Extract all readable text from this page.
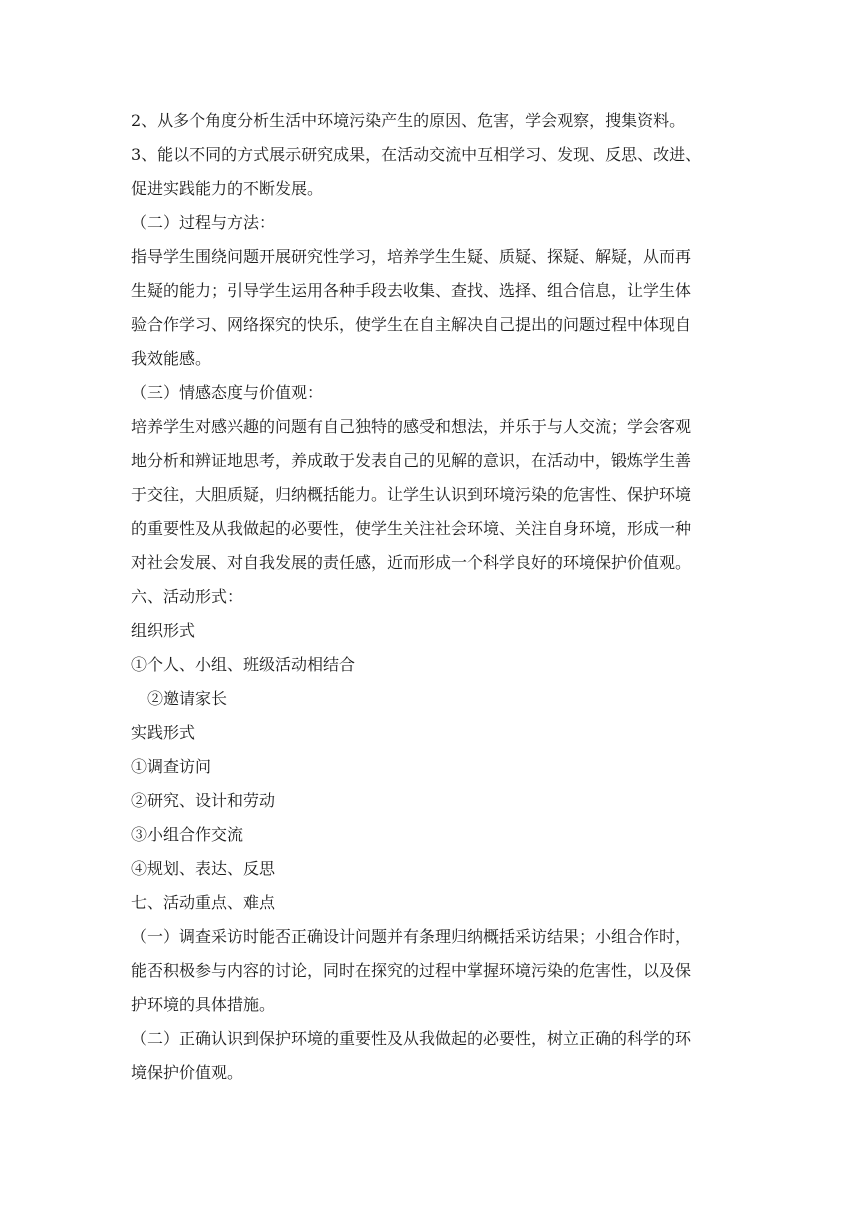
2、从多个角度分析生活中环境污染产生的原因、危害，学会观察，搜集资料。
3、能以不同的方式展示研究成果，在活动交流中互相学习、发现、反思、改进、
促进实践能力的不断发展。
（二）过程与方法：
指导学生围绕问题开展研究性学习，培养学生生疑、质疑、探疑、解疑，从而再
生疑的能力；引导学生运用各种手段去收集、查找、选择、组合信息，让学生体
验合作学习、网络探究的快乐，使学生在自主解决自己提出的问题过程中体现自
我效能感。
（三）情感态度与价值观：
培养学生对感兴趣的问题有自己独特的感受和想法，并乐于与人交流；学会客观
地分析和辨证地思考，养成敢于发表自己的见解的意识，在活动中，锻炼学生善
于交往，大胆质疑，归纳概括能力。让学生认识到环境污染的危害性、保护环境
的重要性及从我做起的必要性，使学生关注社会环境、关注自身环境，形成一种
对社会发展、对自我发展的责任感，近而形成一个科学良好的环境保护价值观。
六、活动形式：
组织形式
①个人、小组、班级活动相结合
②邀请家长
实践形式
①调查访问
②研究、设计和劳动
③小组合作交流
④规划、表达、反思
七、活动重点、难点
（一）调查采访时能否正确设计问题并有条理归纳概括采访结果；小组合作时，
能否积极参与内容的讨论，同时在探究的过程中掌握环境污染的危害性，以及保
护环境的具体措施。
（二）正确认识到保护环境的重要性及从我做起的必要性，树立正确的科学的环
境保护价值观。
